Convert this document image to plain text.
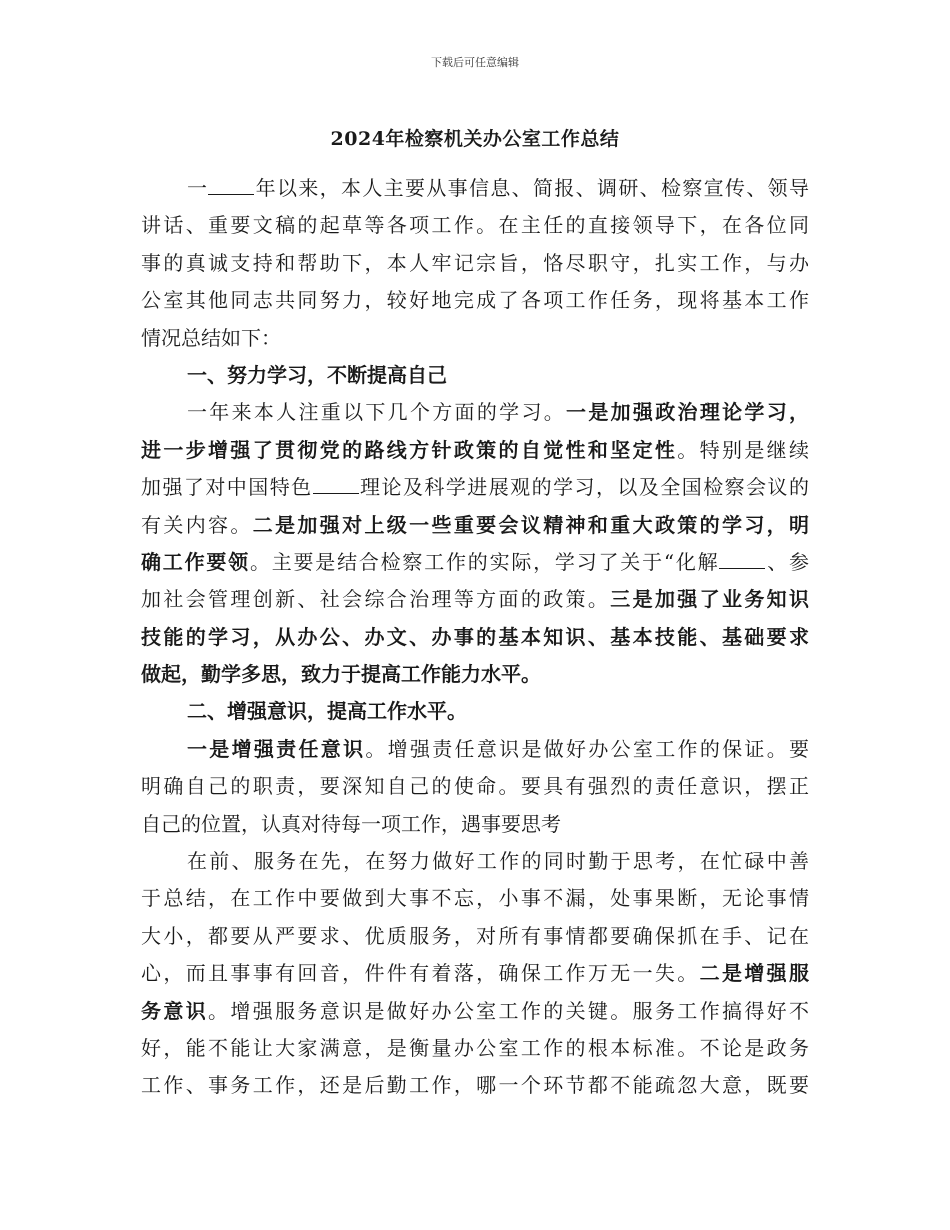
下载后可任意编辑
2024年检察机关办公室工作总结
一 年以来，本人主要从事信息、简报、调研、检察宣传、领导
讲话、重要文稿的起草等各项工作。在主任的直接领导下，在各位同
事的真诚支持和帮助下，本人牢记宗旨，恪尽职守，扎实工作，与办
公室其他同志共同努力，较好地完成了各项工作任务，现将基本工作
情况总结如下：
一、努力学习，不断提高自己
一年来本人注重以下几个方面的学习。一是加强政治理论学习，
进一步增强了贯彻党的路线方针政策的自觉性和坚定性。特别是继续
加强了对中国特色 理论及科学进展观的学习，以及全国检察会议的
有关内容。二是加强对上级一些重要会议精神和重大政策的学习，明
确工作要领。主要是结合检察工作的实际，学习了关于“化解 、参
加社会管理创新、社会综合治理等方面的政策。三是加强了业务知识
技能的学习，从办公、办文、办事的基本知识、基本技能、基础要求
做起，勤学多思，致力于提高工作能力水平。
二、增强意识，提高工作水平。
一是增强责任意识。增强责任意识是做好办公室工作的保证。要
明确自己的职责，要深知自己的使命。要具有强烈的责任意识，摆正
自己的位置，认真对待每一项工作，遇事要思考
在前、服务在先，在努力做好工作的同时勤于思考，在忙碌中善
于总结，在工作中要做到大事不忘，小事不漏，处事果断，无论事情
大小，都要从严要求、优质服务，对所有事情都要确保抓在手、记在
心，而且事事有回音，件件有着落，确保工作万无一失。二是增强服
务意识。增强服务意识是做好办公室工作的关键。服务工作搞得好不
好，能不能让大家满意，是衡量办公室工作的根本标准。不论是政务
工作、事务工作，还是后勤工作，哪一个环节都不能疏忽大意，既要
